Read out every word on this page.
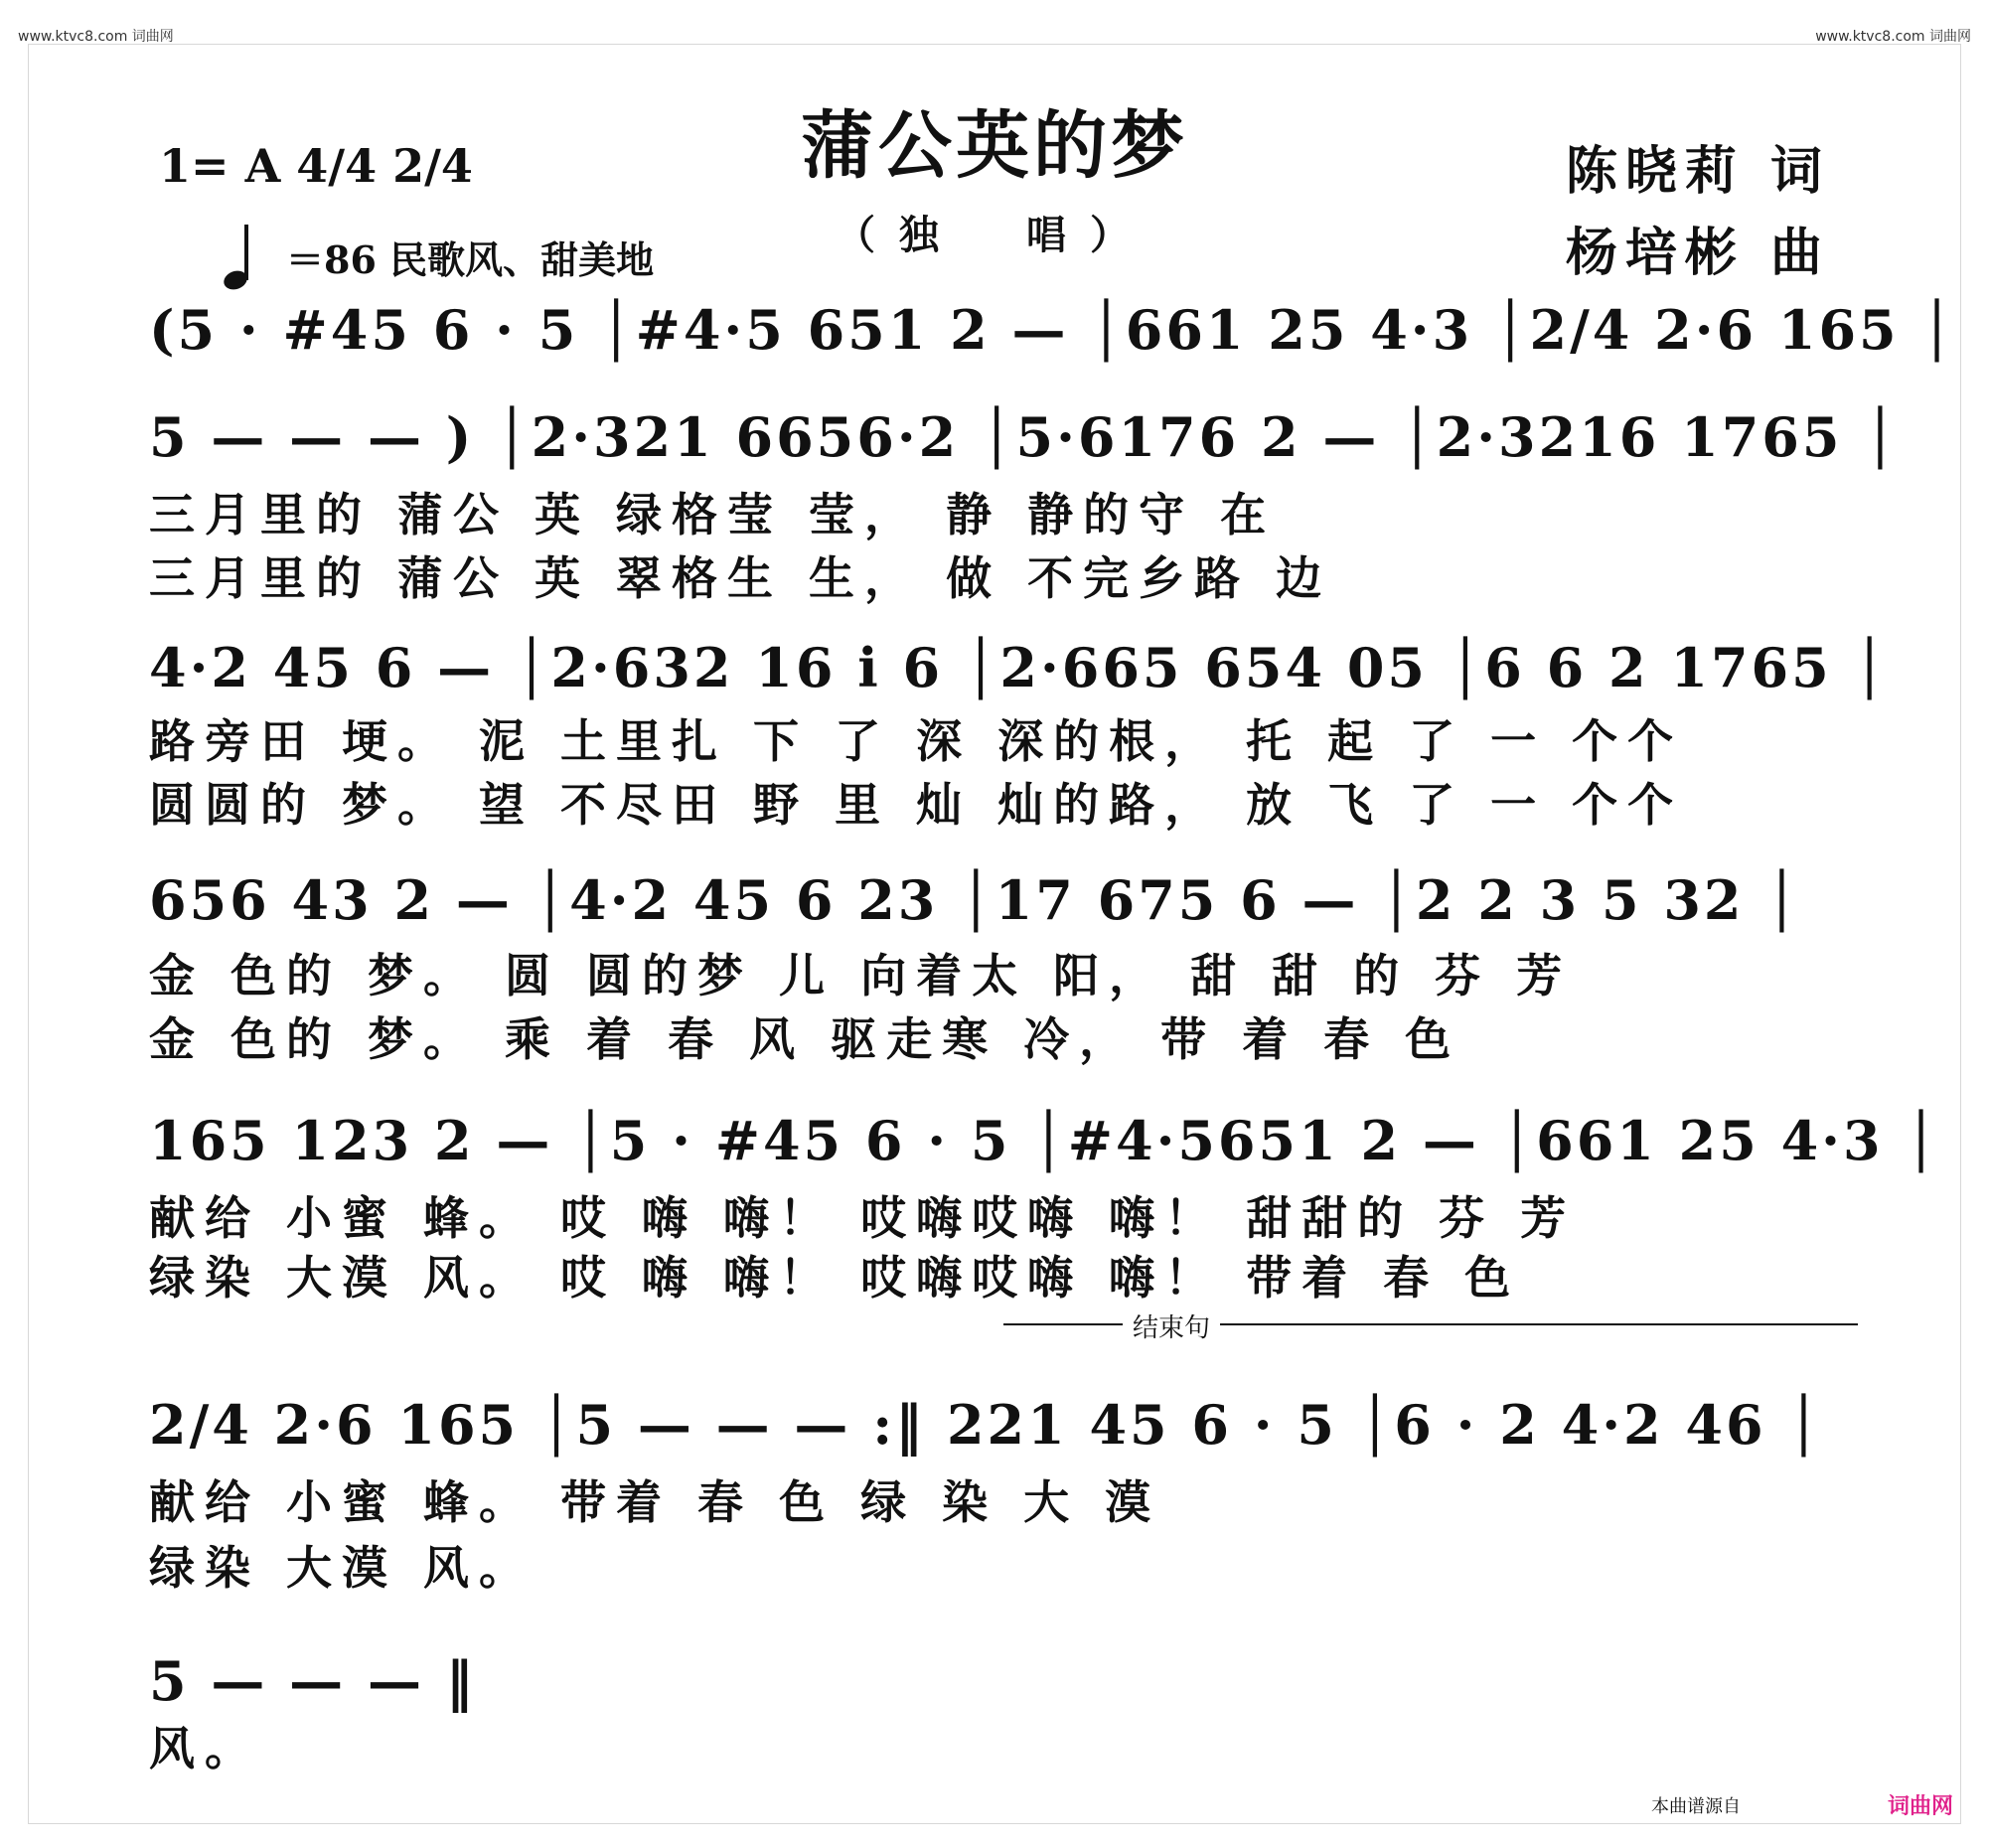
www.ktvc8.com 词曲网	www.ktvc8.com 词曲网
蒲公英的梦
（独　唱）
1= A 4/4 2/4
＝86 民歌风、甜美地
陈晓莉 词
杨培彬 曲
(5 · #45 6 · 5 │#4·5 651 2 — │661 25 4·3 │2/4 2·6 165 │
5 — — — ) │2·321 6656·2 │5·6176 2 — │2·3216 1765 │
三月里的 蒲公 英 绿格莹 莹， 静 静的守 在
三月里的 蒲公 英 翠格生 生， 做 不完乡路 边
4·2 45 6 — │2·632 16 i 6 │2·665 654 05 │6 6 2 1765 │
路旁田 埂。 泥 土里扎 下 了 深 深的根， 托 起 了 一 个个
圆圆的 梦。 望 不尽田 野 里 灿 灿的路， 放 飞 了 一 个个
656 43 2 — │4·2 45 6 23 │17 675 6 — │2 2 3 5 32 │
金 色的 梦。 圆 圆的梦 儿 向着太 阳， 甜 甜 的 芬 芳
金 色的 梦。 乘 着 春 风 驱走寒 冷， 带 着 春 色
165 123 2 — │5 · #45 6 · 5 │#4·5651 2 — │661 25 4·3 │
献给 小蜜 蜂。 哎 嗨 嗨！ 哎嗨哎嗨 嗨！ 甜甜的 芬 芳
绿染 大漠 风。 哎 嗨 嗨！ 哎嗨哎嗨 嗨！ 带着 春 色
结束句
2/4 2·6 165 │5 — — — :‖ 221 45 6 · 5 │6 · 2 4·2 46 │
献给 小蜜 蜂。 带着 春 色 绿 染 大 漠
绿染 大漠 风。
5 — — — ‖
风。
本曲谱源自	词曲网
